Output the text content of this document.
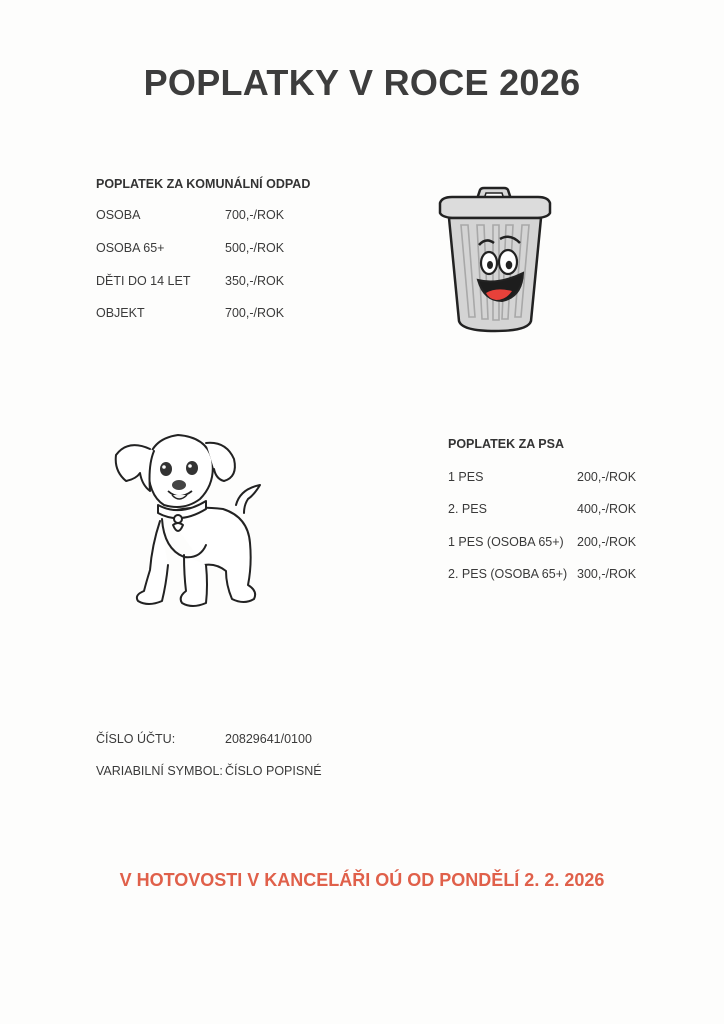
POPLATKY V ROCE 2026
POPLATEK ZA KOMUNÁLNÍ ODPAD
OSOBA	700,-/ROK
OSOBA 65+	500,-/ROK
DĚTI DO 14 LET	350,-/ROK
OBJEKT	700,-/ROK
POPLATEK ZA PSA
1 PES	200,-/ROK
2. PES	400,-/ROK
1 PES (OSOBA 65+) 200,-/ROK
2. PES (OSOBA 65+) 300,-/ROK
ČÍSLO ÚČTU:	20829641/0100
VARIABILNÍ SYMBOL: ČÍSLO POPISNÉ
V HOTOVOSTI V KANCELÁŘI OÚ OD PONDĚLÍ 2. 2. 2026
